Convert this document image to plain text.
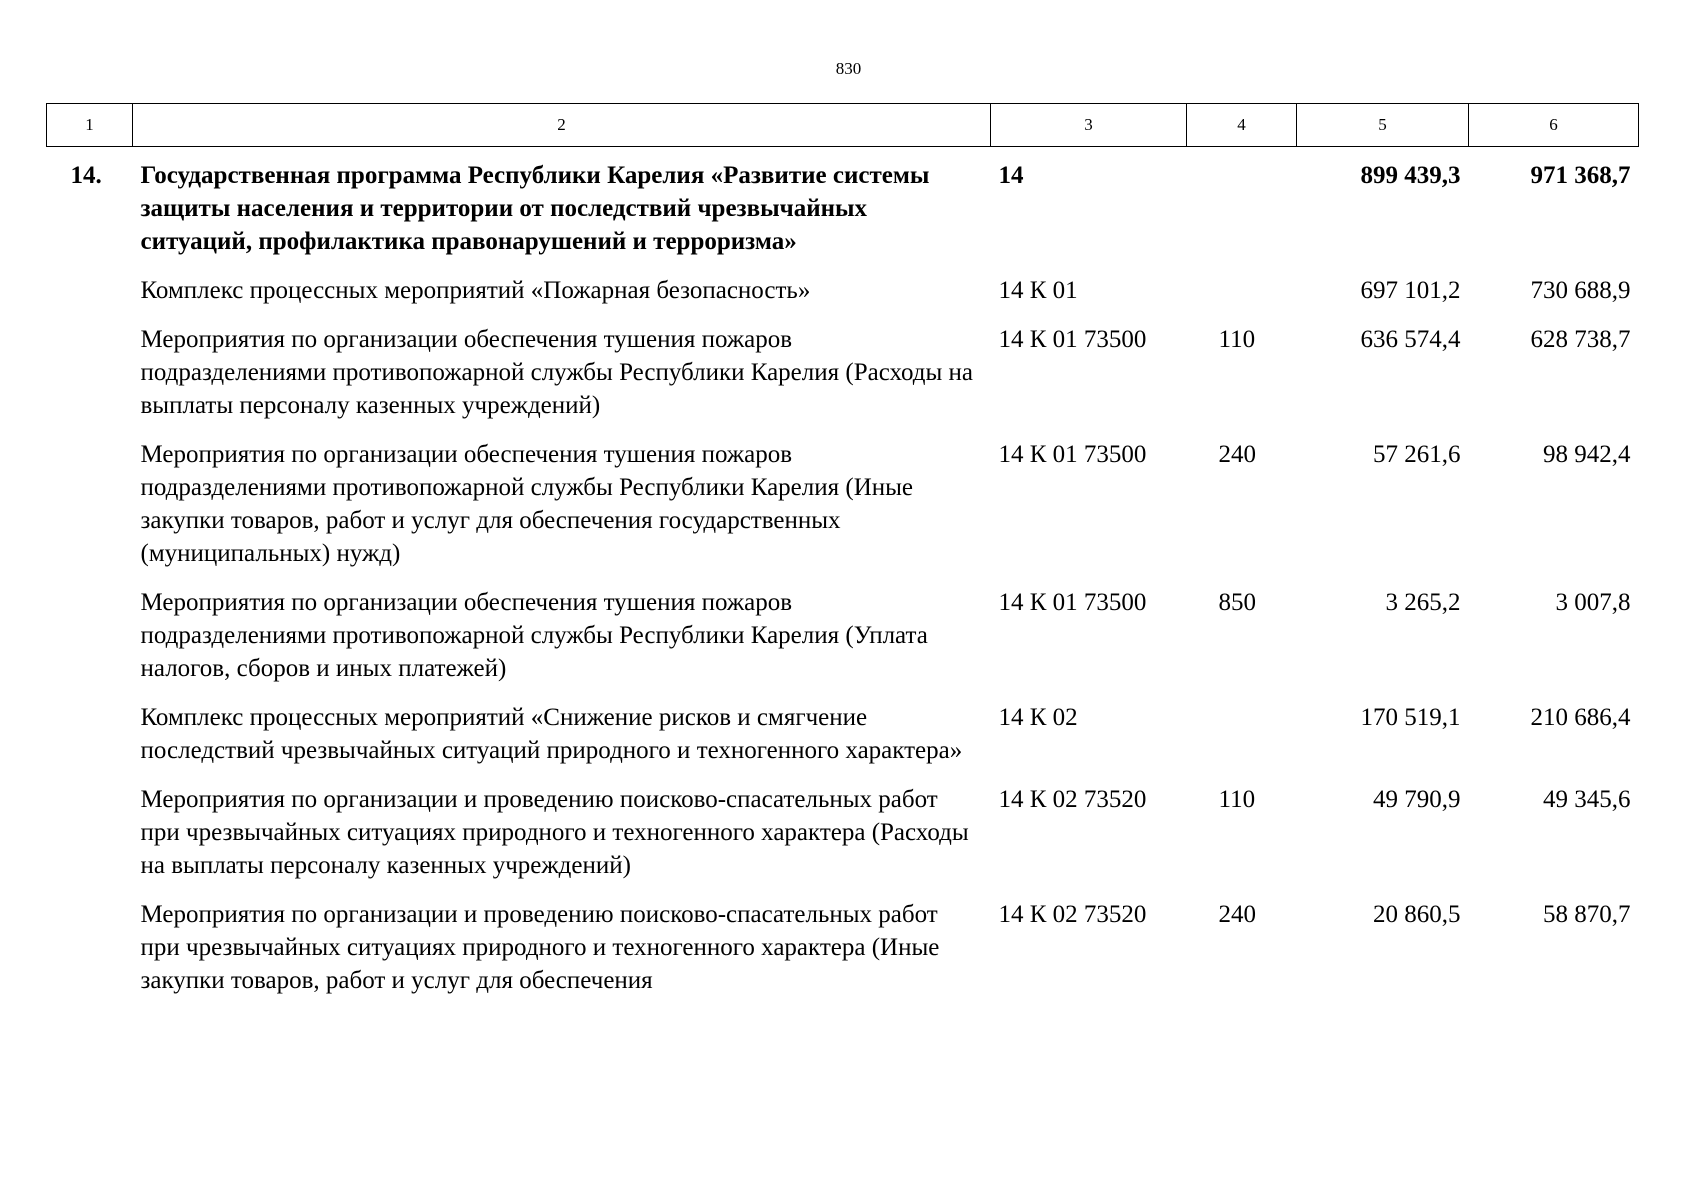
830
1	2	3	4	5	6
14.	Государственная программа Республики Карелия «Развитие системы защиты населения и территории от последствий чрезвычайных ситуаций, профилактика правонарушений и терроризма»	14		899 439,3	971 368,7
	Комплекс процессных мероприятий «Пожарная безопасность»	14 К 01		697 101,2	730 688,9
	Мероприятия по организации обеспечения тушения пожаров подразделениями противопожарной службы Республики Карелия (Расходы на выплаты персоналу казенных учреждений)	14 К 01 73500	110	636 574,4	628 738,7
	Мероприятия по организации обеспечения тушения пожаров подразделениями противопожарной службы Республики Карелия (Иные закупки товаров, работ и услуг для обеспечения государственных (муниципальных) нужд)	14 К 01 73500	240	57 261,6	98 942,4
	Мероприятия по организации обеспечения тушения пожаров подразделениями противопожарной службы Республики Карелия (Уплата налогов, сборов и иных платежей)	14 К 01 73500	850	3 265,2	3 007,8
	Комплекс процессных мероприятий «Снижение рисков и смягчение последствий чрезвычайных ситуаций природного и техногенного характера»	14 К 02		170 519,1	210 686,4
	Мероприятия по организации и проведению поисково-спасательных работ при чрезвычайных ситуациях природного и техногенного характера (Расходы на выплаты персоналу казенных учреждений)	14 К 02 73520	110	49 790,9	49 345,6
	Мероприятия по организации и проведению поисково-спасательных работ при чрезвычайных ситуациях природного и техногенного характера (Иные закупки товаров, работ и услуг для обеспечения	14 К 02 73520	240	20 860,5	58 870,7
